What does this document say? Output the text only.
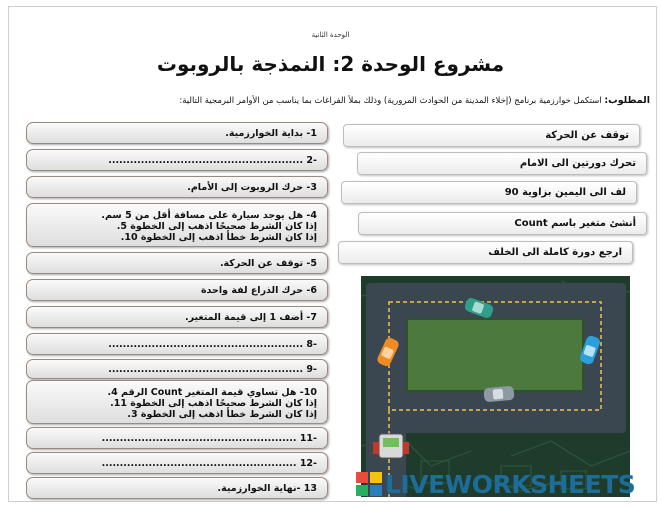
الوحدة الثانية
مشروع الوحدة 2: النمذجة بالروبوت
المطلوب: استكمل خوارزمية برنامج (إخلاء المدينة من الحوادث المرورية) وذلك بملأ الفراغات بما يناسب من الأوامر البرمجية التالية:
1- بداية الخوارزمية.
-2 ......................................................
3- حرك الروبوت إلى الأمام.
4- هل يوجد سيارة على مسافة أقل من 5 سم.
إذا كان الشرط صحيحًا اذهب إلى الخطوة 5.
إذا كان الشرط خطأ اذهب إلى الخطوة 10.
5- توقف عن الحركة.
6- حرك الذراع لفة واحدة
7- أضف 1 إلى قيمة المتغير.
-8 ......................................................
-9 ......................................................
10- هل تساوي قيمة المتغير Count الرقم 4.
إذا كان الشرط صحيحًا اذهب إلى الخطوة 11.
إذا كان الشرط خطأ اذهب إلى الخطوة 3.
-11 ......................................................
-12 ......................................................
13 -نهاية الخوارزمية.
توقف عن الحركة
تحرك دورتين الى الامام
لف الى اليمين بزاوية 90
أنشئ متغير باسم Count
ارجع دورة كاملة الى الخلف
LIVEWORKSHEETS
